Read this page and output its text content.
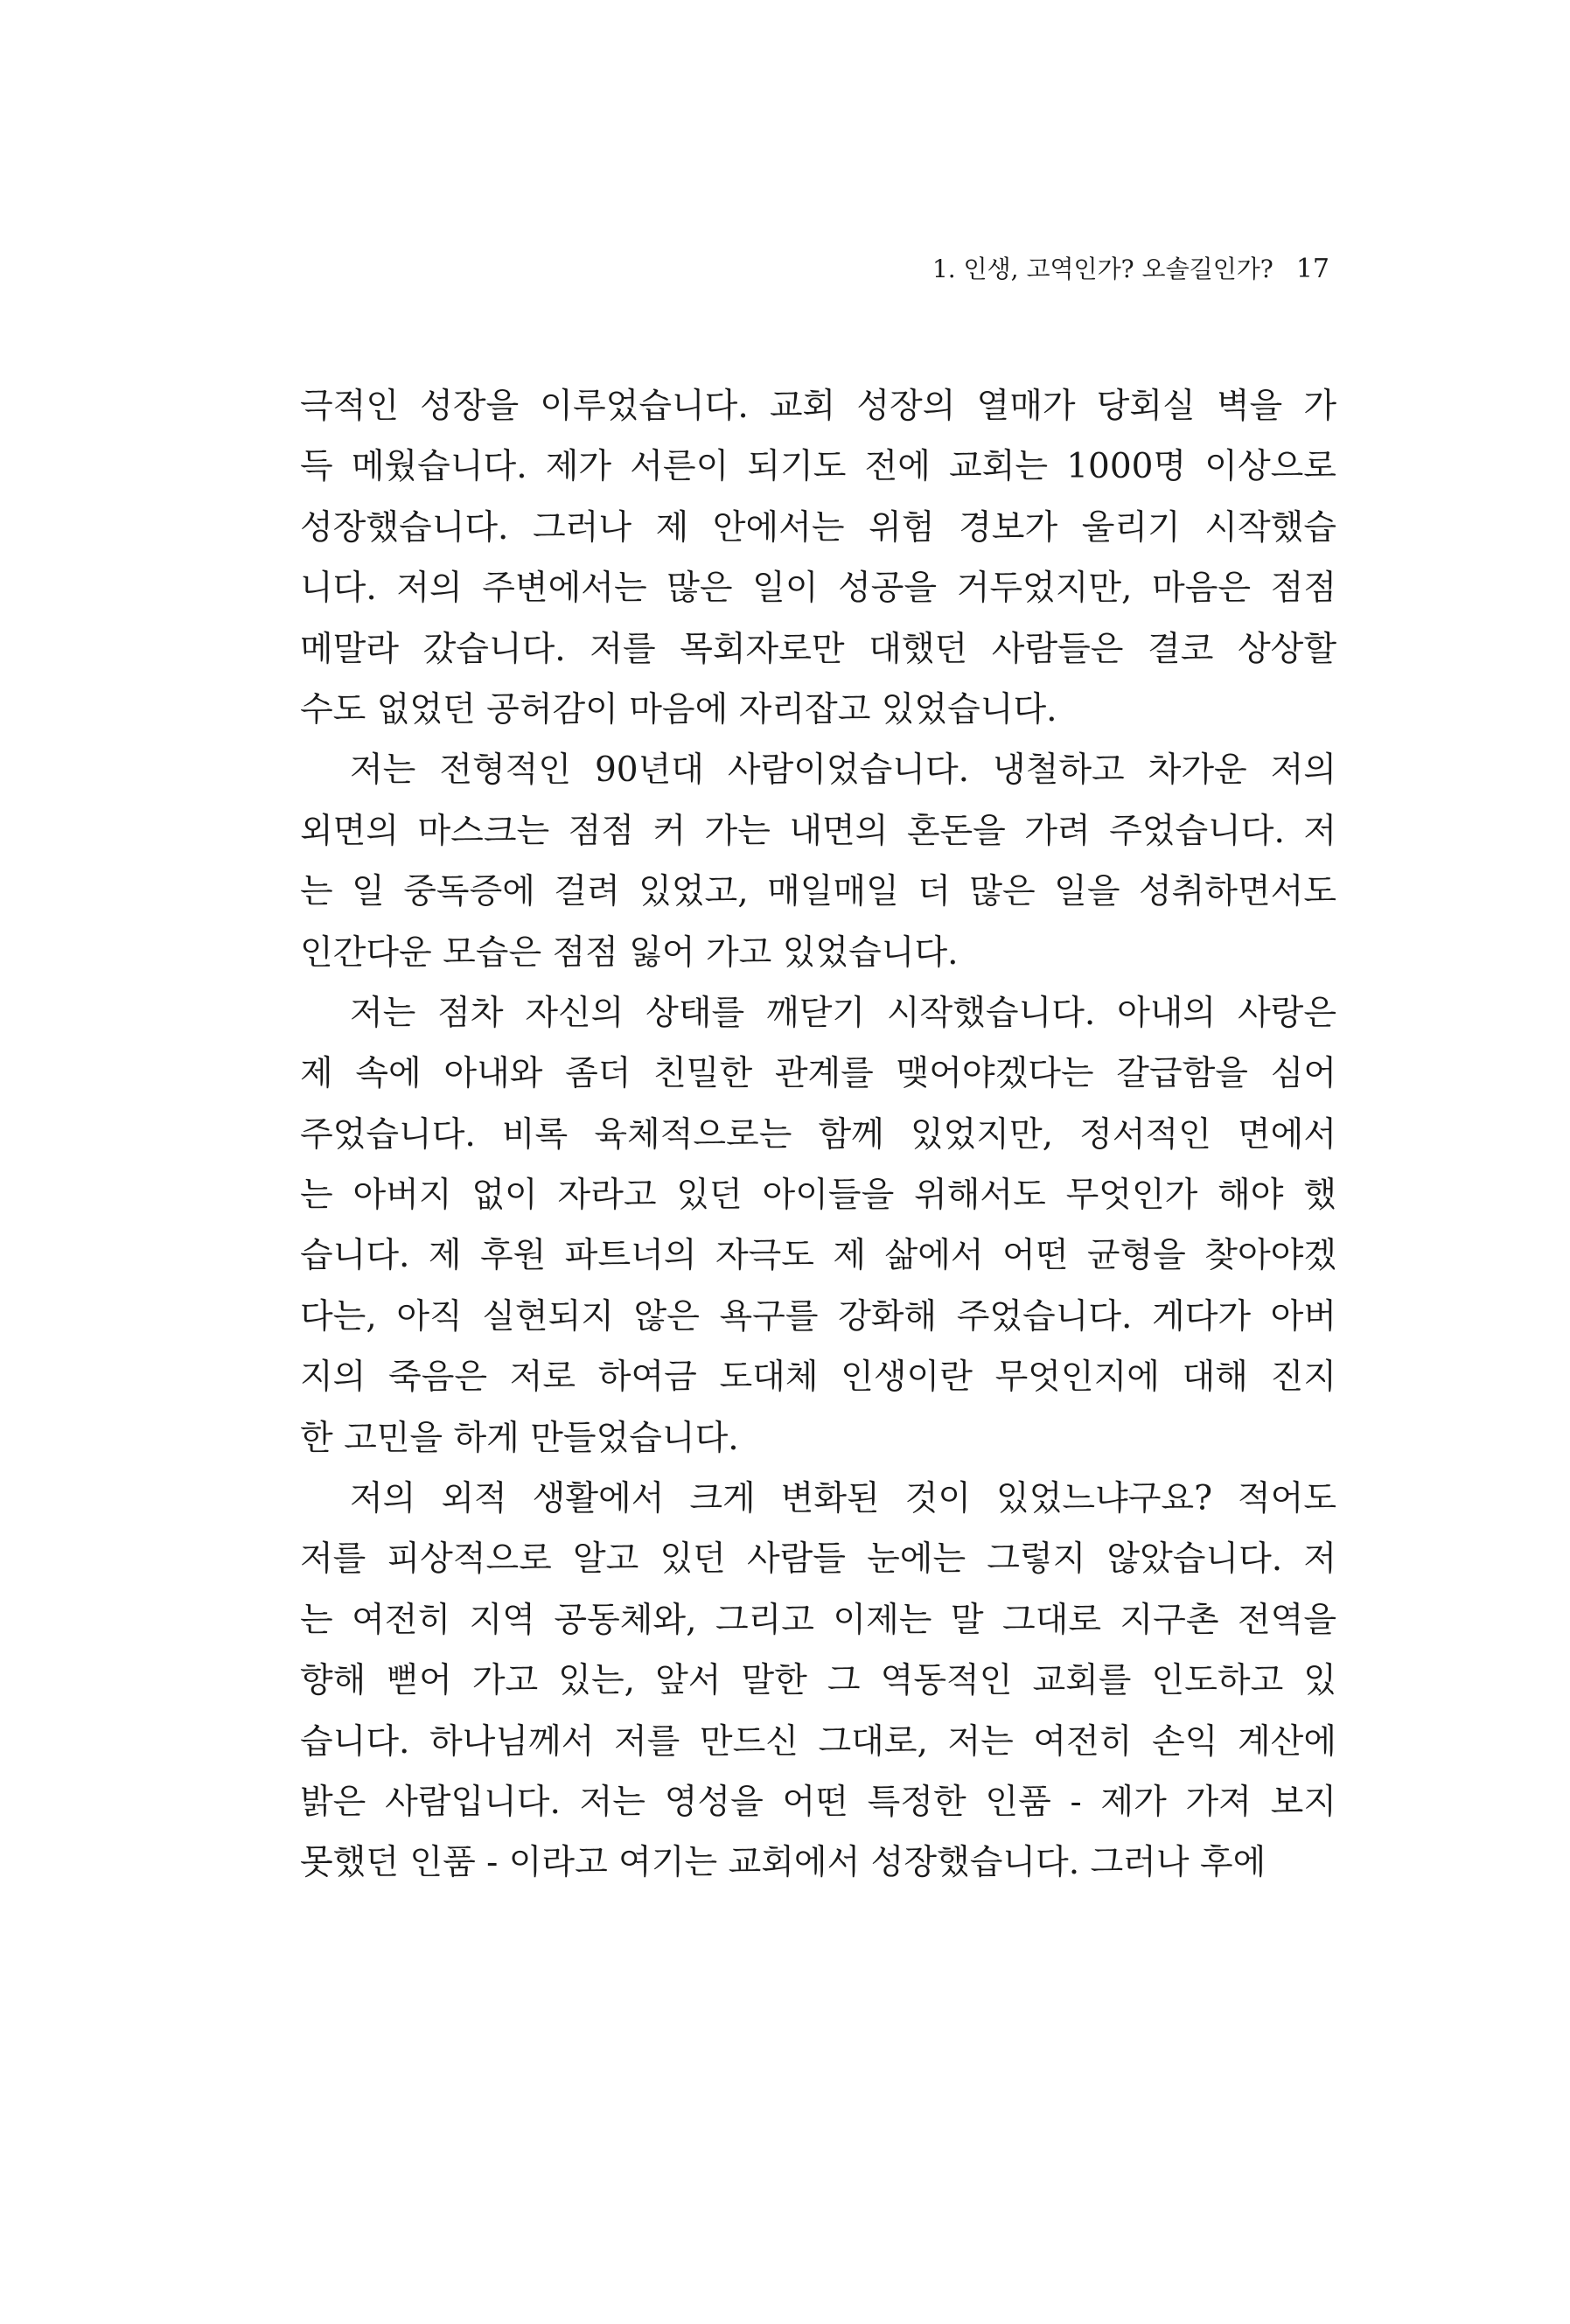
1. 인생, 고역인가? 오솔길인가? 17
극적인 성장을 이루었습니다. 교회 성장의 열매가 당회실 벽을 가
득 메웠습니다. 제가 서른이 되기도 전에 교회는 1000명 이상으로
성장했습니다. 그러나 제 안에서는 위험 경보가 울리기 시작했습
니다. 저의 주변에서는 많은 일이 성공을 거두었지만, 마음은 점점
메말라 갔습니다. 저를 목회자로만 대했던 사람들은 결코 상상할
수도 없었던 공허감이 마음에 자리잡고 있었습니다.
저는 전형적인 90년대 사람이었습니다. 냉철하고 차가운 저의
외면의 마스크는 점점 커 가는 내면의 혼돈을 가려 주었습니다. 저
는 일 중독증에 걸려 있었고, 매일매일 더 많은 일을 성취하면서도
인간다운 모습은 점점 잃어 가고 있었습니다.
저는 점차 자신의 상태를 깨닫기 시작했습니다. 아내의 사랑은
제 속에 아내와 좀더 친밀한 관계를 맺어야겠다는 갈급함을 심어
주었습니다. 비록 육체적으로는 함께 있었지만, 정서적인 면에서
는 아버지 없이 자라고 있던 아이들을 위해서도 무엇인가 해야 했
습니다. 제 후원 파트너의 자극도 제 삶에서 어떤 균형을 찾아야겠
다는, 아직 실현되지 않은 욕구를 강화해 주었습니다. 게다가 아버
지의 죽음은 저로 하여금 도대체 인생이란 무엇인지에 대해 진지
한 고민을 하게 만들었습니다.
저의 외적 생활에서 크게 변화된 것이 있었느냐구요? 적어도
저를 피상적으로 알고 있던 사람들 눈에는 그렇지 않았습니다. 저
는 여전히 지역 공동체와, 그리고 이제는 말 그대로 지구촌 전역을
향해 뻗어 가고 있는, 앞서 말한 그 역동적인 교회를 인도하고 있
습니다. 하나님께서 저를 만드신 그대로, 저는 여전히 손익 계산에
밝은 사람입니다. 저는 영성을 어떤 특정한 인품 - 제가 가져 보지
못했던 인품 - 이라고 여기는 교회에서 성장했습니다. 그러나 후에
